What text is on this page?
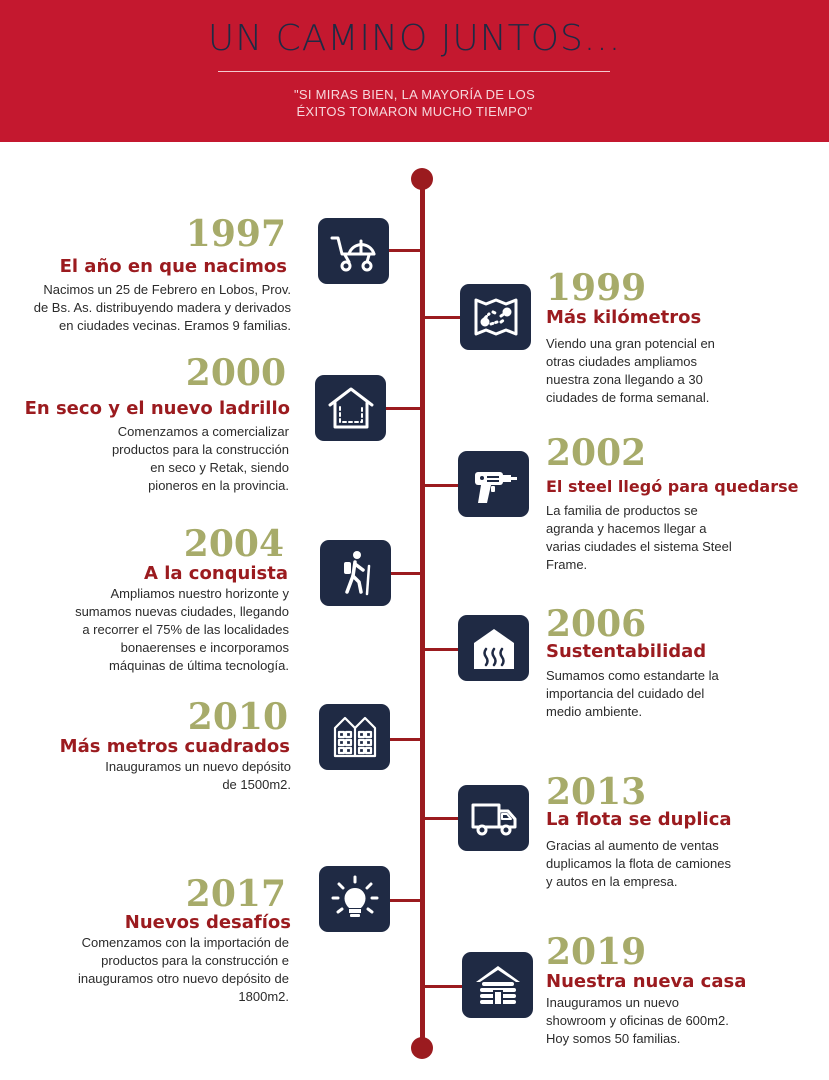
UN CAMINO JUNTOS...
"SI MIRAS BIEN, LA MAYORÍA DE LOS
ÉXITOS TOMARON MUCHO TIEMPO"
1997
El año en que nacimos
Nacimos un 25 de Febrero en Lobos, Prov.
de Bs. As. distribuyendo madera y derivados
en ciudades vecinas. Eramos 9 familias.
1999
Más kilómetros
Viendo una gran potencial en
otras ciudades ampliamos
nuestra zona llegando a 30
ciudades de forma semanal.
2000
En seco y el nuevo ladrillo
Comenzamos a comercializar
productos para la construcción
en seco y Retak, siendo
pioneros en la provincia.
2002
El steel llegó para quedarse
La familia de productos se
agranda y hacemos llegar a
varias ciudades el sistema Steel
Frame.
2004
A la conquista
Ampliamos nuestro horizonte y
sumamos nuevas ciudades, llegando
a recorrer el 75% de las localidades
bonaerenses e incorporamos
máquinas de última tecnología.
2006
Sustentabilidad
Sumamos como estandarte la
importancia del cuidado del
medio ambiente.
2010
Más metros cuadrados
Inauguramos un nuevo depósito
de 1500m2.	2013
La flota se duplica
Gracias al aumento de ventas
duplicamos la flota de camiones
y autos en la empresa.
2017
Nuevos desafíos
Comenzamos con la importación de
productos para la construcción e
inauguramos otro nuevo depósito de
1800m2.
2019
Nuestra nueva casa
Inauguramos un nuevo
showroom y oficinas de 600m2.
Hoy somos 50 familias.
